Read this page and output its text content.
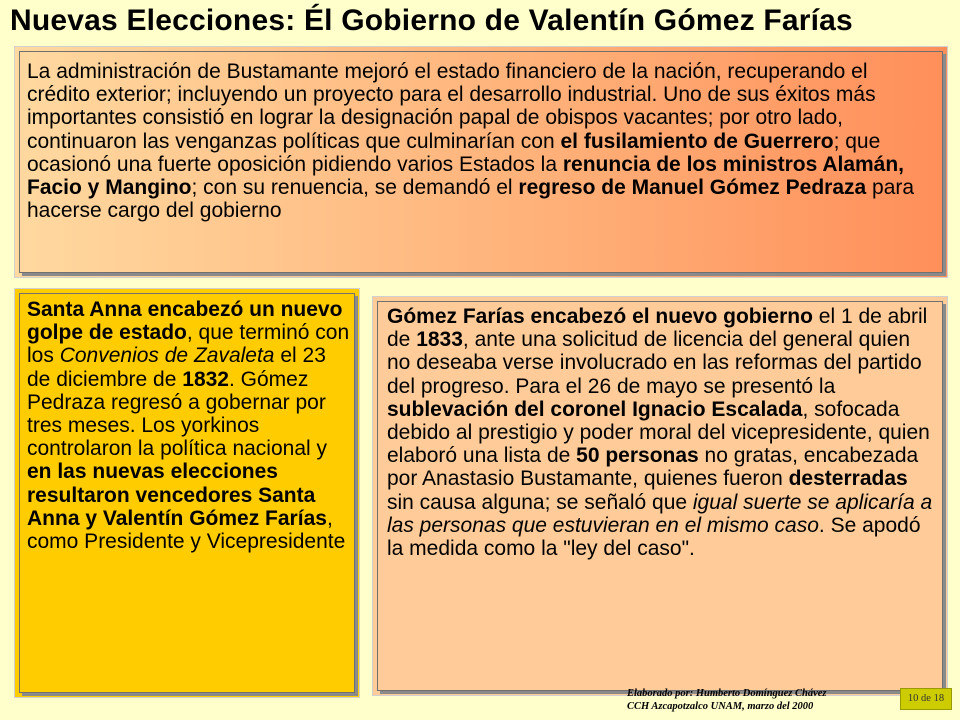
Nuevas Elecciones: Él Gobierno de Valentín Gómez Farías
La administración de Bustamante mejoró el estado financiero de la nación, recuperando el crédito exterior; incluyendo un proyecto para el desarrollo industrial. Uno de sus éxitos más importantes consistió en lograr la designación papal de obispos vacantes; por otro lado, continuaron las venganzas políticas que culminarían con el fusilamiento de Guerrero; que ocasionó una fuerte oposición pidiendo varios Estados la renuncia de los ministros Alamán, Facio y Mangino; con su renuencia, se demandó el regreso de Manuel Gómez Pedraza para hacerse cargo del gobierno
Santa Anna encabezó un nuevo golpe de estado, que terminó con los Convenios de Zavaleta el 23 de diciembre de 1832. Gómez Pedraza regresó a gobernar por tres meses. Los yorkinos controlaron la política nacional y en las nuevas elecciones resultaron vencedores Santa Anna y Valentín Gómez Farías, como Presidente y Vicepresidente
Gómez Farías encabezó el nuevo gobierno el 1 de abril de 1833, ante una solicitud de licencia del general quien no deseaba verse involucrado en las reformas del partido del progreso. Para el 26 de mayo se presentó la sublevación del coronel Ignacio Escalada, sofocada debido al prestigio y poder moral del vicepresidente, quien elaboró una lista de 50 personas no gratas, encabezada por Anastasio Bustamante, quienes fueron desterradas sin causa alguna; se señaló que igual suerte se aplicaría a las personas que estuvieran en el mismo caso. Se apodó la medida como la "ley del caso".
Elaborado por: Humberto Domínguez Chávez
CCH Azcapotzalco UNAM, marzo del 2000
10 de 18
